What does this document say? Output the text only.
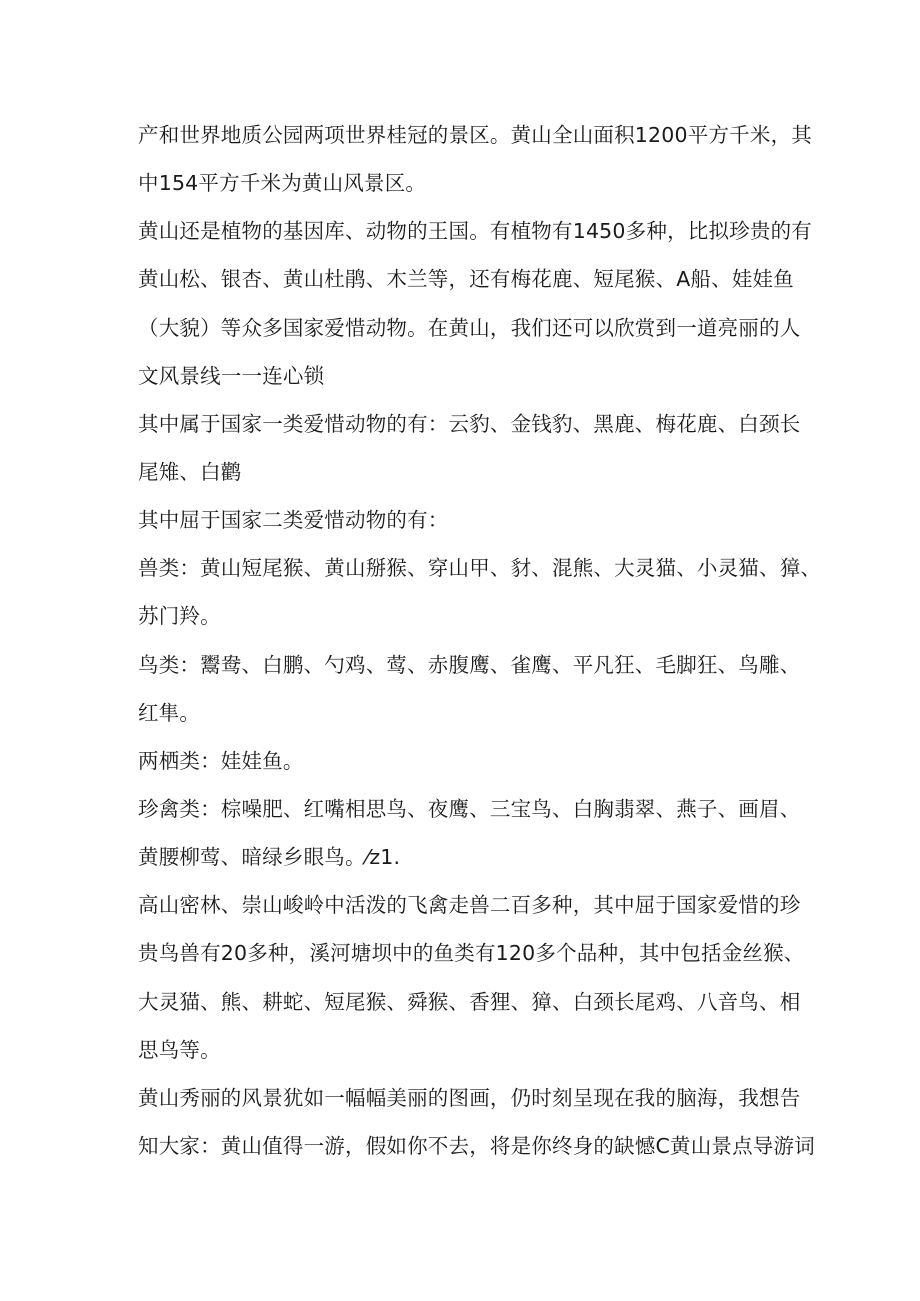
产和世界地质公园两项世界桂冠的景区。黄山全山面积1200平方千米，其
中154平方千米为黄山风景区。
黄山还是植物的基因库、动物的王国。有植物有1450多种，比拟珍贵的有
黄山松、银杏、黄山杜鹃、木兰等，还有梅花鹿、短尾猴、A船、娃娃鱼
（大貌）等众多国家爱惜动物。在黄山，我们还可以欣赏到一道亮丽的人
文风景线一一连心锁
其中属于国家一类爱惜动物的有：云豹、金钱豹、黑鹿、梅花鹿、白颈长
尾雉、白鹳
其中屈于国家二类爱惜动物的有：
兽类：黄山短尾猴、黄山掰猴、穿山甲、豺、混熊、大灵猫、小灵猫、獐、
苏门羚。
鸟类：鬻鸯、白鹏、勺鸡、莺、赤腹鹰、雀鹰、平凡狂、毛脚狂、鸟雕、
红隼。
两栖类：娃娃鱼。
珍禽类：棕噪肥、红嘴相思鸟、夜鹰、三宝鸟、白胸翡翠、燕子、画眉、
黄腰柳莺、暗绿乡眼鸟。⁄z1.
高山密林、崇山峻岭中活泼的飞禽走兽二百多种，其中屈于国家爱惜的珍
贵鸟兽有20多种，溪河塘坝中的鱼类有120多个品种，其中包括金丝猴、
大灵猫、熊、耕蛇、短尾猴、舜猴、香狸、獐、白颈长尾鸡、八音鸟、相
思鸟等。
黄山秀丽的风景犹如一幅幅美丽的图画，仍时刻呈现在我的脑海，我想告
知大家：黄山值得一游，假如你不去，将是你终身的缺憾C黄山景点导游词
